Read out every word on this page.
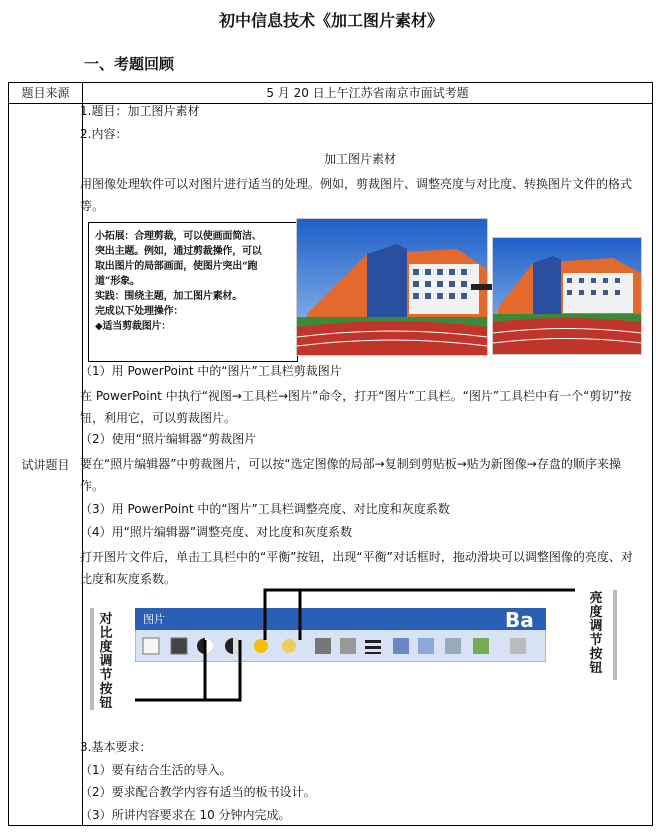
初中信息技术《加工图片素材》
一、考题回顾
题目来源	5 月 20 日上午江苏省南京市面试考题
试讲题目
1.题目：加工图片素材
2.内容：
加工图片素材
用图像处理软件可以对图片进行适当的处理。例如，剪裁图片、调整亮度与对比度、转换图片文件的格式等。
小拓展：合理剪裁，可以使画面简洁、
突出主题。例如，通过剪裁操作，可以
取出图片的局部画面，使图片突出“跑
道”形象。
实践：围绕主题，加工图片素材。
完成以下处理操作：
◆适当剪裁图片：
（1）用 PowerPoint 中的“图片”工具栏剪裁图片
在 PowerPoint 中执行“视图→工具栏→图片”命令，打开“图片”工具栏。“图片”工具栏中有一个“剪切”按钮，利用它，可以剪裁图片。
（2）使用“照片编辑器”剪裁图片
要在“照片编辑器”中剪裁图片，可以按“选定图像的局部→复制到剪贴板→贴为新图像→存盘的顺序来操作。
（3）用 PowerPoint 中的“图片”工具栏调整亮度、对比度和灰度系数
（4）用“照片编辑器”调整亮度、对比度和灰度系数
打开图片文件后，单击工具栏中的“平衡”按钮，出现“平衡”对话框时，拖动滑块可以调整图像的亮度、对比度和灰度系数。
图片	Ba
对比度调节按钮
亮度调节按钮
3.基本要求：
（1）要有结合生活的导入。
（2）要求配合教学内容有适当的板书设计。
（3）所讲内容要求在 10 分钟内完成。
